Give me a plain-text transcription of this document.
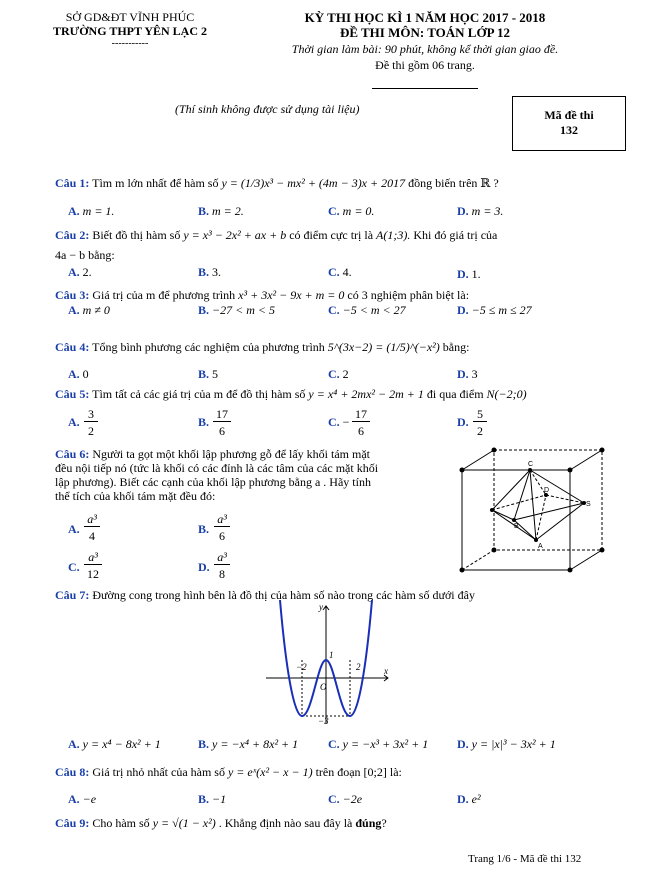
SỞ GD&ĐT VĨNH PHÚC
TRƯỜNG THPT YÊN LẠC 2
-----------
KỲ THI HỌC KÌ 1 NĂM HỌC 2017 - 2018
ĐỀ THI MÔN: TOÁN LỚP 12
Thời gian làm bài: 90 phút, không kể thời gian giao đề.
Đề thi gồm 06 trang.
(Thí sinh không được sử dụng tài liệu)	Mã đề thi
132
Câu 1: Tìm m lớn nhất để hàm số y = (1/3)x³ − mx² + (4m − 3)x + 2017 đồng biến trên ℝ ?
A. m = 1.	B. m = 2.	C. m = 0.	D. m = 3.
Câu 2: Biết đồ thị hàm số y = x³ − 2x² + ax + b có điểm cực trị là A(1;3). Khi đó giá trị của
4a − b bằng:
A. 2.	B. 3.	C. 4.	D. 1.
Câu 3: Giá trị của m để phương trình x³ + 3x² − 9x + m = 0 có 3 nghiệm phân biệt là:
A. m ≠ 0	B. −27 < m < 5	C. −5 < m < 27	D. −5 ≤ m ≤ 27
Câu 4: Tổng bình phương các nghiệm của phương trình 5^(3x−2) = (1/5)^(−x²) bằng:
A. 0	B. 5	C. 2	D. 3
Câu 5: Tìm tất cả các giá trị của m để đồ thị hàm số y = x⁴ + 2mx² − 2m + 1 đi qua điểm N(−2;0)
A.
3
2
B.
17
6
C. −
17
6
D.
5
2
Câu 6: Người ta gọt một khối lập phương gỗ để lấy khối tám mặt
đều nội tiếp nó (tức là khối có các đỉnh là các tâm của các mặt khối
lập phương). Biết các cạnh của khối lập phương bằng a . Hãy tính
thể tích của khối tám mặt đều đó:
A.
a³
4	B.
a³
6
C.
a³
12	D.
a³
8
C
D
S
B
A
Câu 7: Đường cong trong hình bên là đồ thị của hàm số nào trong các hàm số dưới đây
y
x
O
−2	2
1
−3
A. y = x⁴ − 8x² + 1	B. y = −x⁴ + 8x² + 1 C. y = −x³ + 3x² + 1 D. y = |x|³ − 3x² + 1
Câu 8: Giá trị nhỏ nhất của hàm số y = eˣ(x² − x − 1) trên đoạn [0;2] là:
A. −e	B. −1	C. −2e	D. e²
Câu 9: Cho hàm số y = √(1 − x²) . Khẳng định nào sau đây là đúng?
Trang 1/6 - Mã đề thi 132
